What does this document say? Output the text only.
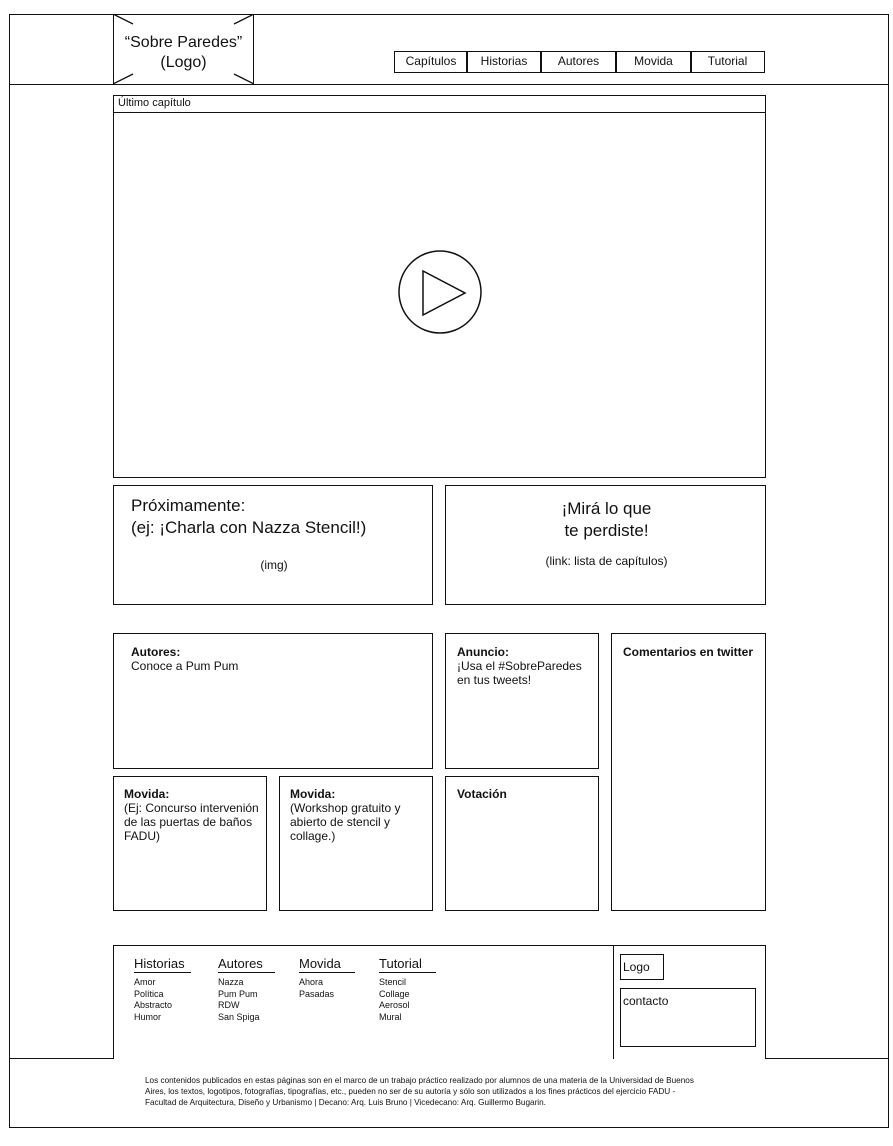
“Sobre Paredes”
(Logo)	Capítulos	Historias	Autores	Movida	Tutorial
Último capítulo
Próximamente:
(ej: ¡Charla con Nazza Stencil!)
(img)
¡Mirá lo que
te perdiste!
(link: lista de capítulos)
Autores:
Conoce a Pum Pum
Anuncio:
¡Usa el #SobreParedes
en tus tweets!
Comentarios en twitter
Movida:
(Ej: Concurso intervenión
de las puertas de baños
FADU)
Movida:
(Workshop gratuito y
abierto de stencil y
collage.)
Votación
Historias
Amor
Política
Abstracto
Humor
Autores
Nazza
Pum Pum
RDW
San Spiga
Movida
Ahora
Pasadas
Tutorial
Stencil
Collage
Aerosol
Mural
Logo
contacto
Los contenidos publicados en estas páginas son en el marco de un trabajo práctico realizado por alumnos de una materia de la Universidad de Buenos
Aires, los textos, logotipos, fotografías, tipografías, etc., pueden no ser de su autoría y sólo son utilizados a los fines prácticos del ejercicio FADU -
Facultad de Arquitectura, Diseño y Urbanismo | Decano: Arq. Luis Bruno | Vicedecano: Arq. Guillermo Bugarin.
